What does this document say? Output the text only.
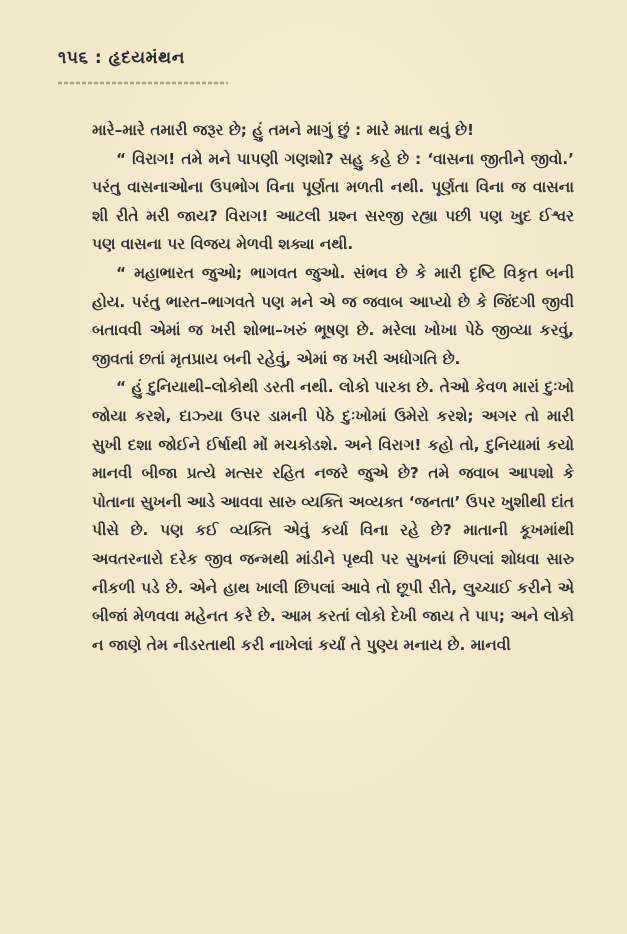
૧૫૬ : હૃદયમંથન

મારે–મારે તમારી જરૂર છે; હું તમને માગું છું : મારે માતા થવું છે!

“ વિરાગ! તમે મને પાપણી ગણશો? સહુ કહે છે : ‘વાસના જીતીને જીવો.’ પરંતુ વાસનાઓના ઉપભોગ વિના પૂર્ણતા મળતી નથી. પૂર્ણતા વિના જ વાસના શી રીતે મરી જાય? વિરાગ! આટલી પ્રશ્ન સરજી રહ્યા પછી પણ ખુદ ઈશ્વર પણ વાસના પર વિજય મેળવી શક્યા નથી.

“ મહાભારત જુઓ; ભાગવત જુઓ. સંભવ છે કે મારી દૃષ્ટિ વિકૃત બની હોય. પરંતુ ભારત–ભાગવતે પણ મને એ જ જવાબ આપ્યો છે કે જિંદગી જીવી બતાવવી એમાં જ ખરી શોભા–ખરું ભૂષણ છે. મરેલા ખોખા પેઠે જીવ્યા કરવું, જીવતાં છતાં મૃતપ્રાય બની રહેવું, એમાં જ ખરી અધોગતિ છે.

“ હું દુનિયાથી–લોકોથી ડરતી નથી. લોકો પારકા છે. તેઓ કેવળ મારાં દુઃખો જોયા કરશે, દાઝ્યા ઉપર ડામની પેઠે દુઃખોમાં ઉમેરો કરશે; અગર તો મારી સુખી દશા જોઈને ઈર્ષાથી મોં મચકોડશે. અને વિરાગ! કહો તો, દુનિયામાં કયો માનવી બીજા પ્રત્યે મત્સર રહિત નજરે જુએ છે? તમે જવાબ આપશો કે પોતાના સુખની આડે આવવા સારુ વ્યક્તિ અવ્યક્ત ‘જનતા’ ઉપર ખુશીથી દાંત પીસે છે. પણ કઈ વ્યક્તિ એવું કર્યા વિના રહે છે? માતાની કૂખમાંથી અવતરનારો દરેક જીવ જન્મથી માંડીને પૃથ્વી પર સુખનાં છિપલાં શોધવા સારુ નીકળી પડે છે. એને હાથ ખાલી છિપલાં આવે તો છૂપી રીતે, લુચ્ચાઈ કરીને એ બીજાં મેળવવા મહેનત કરે છે. આમ કરતાં લોકો દેખી જાય તે પાપ; અને લોકો ન જાણે તેમ નીડરતાથી કરી નાખેલાં કર્યાં તે પુણ્ય મનાય છે. માનવી
